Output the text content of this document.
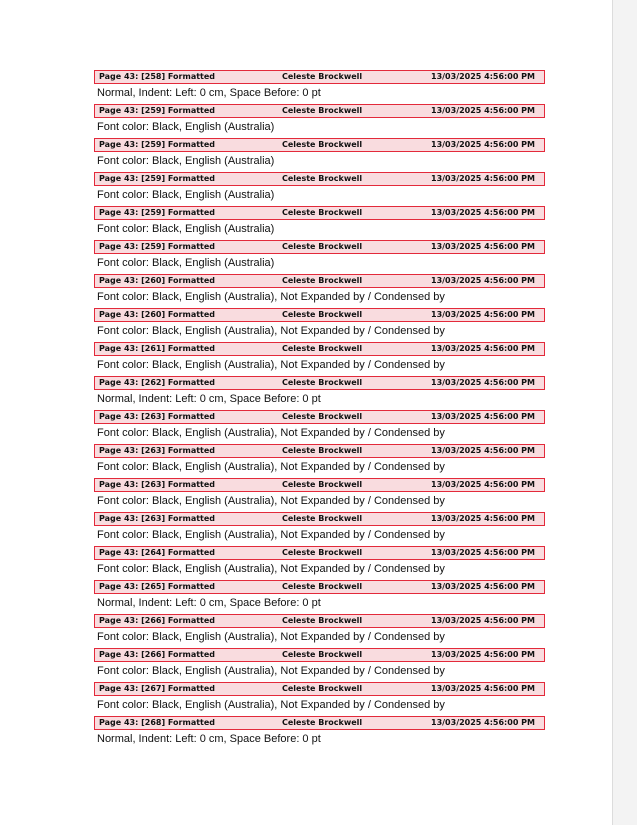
Page 43: [258] Formatted	Celeste Brockwell	13/03/2025 4:56:00 PM
Normal, Indent: Left: 0 cm, Space Before: 0 pt
Page 43: [259] Formatted	Celeste Brockwell	13/03/2025 4:56:00 PM
Font color: Black, English (Australia)
Page 43: [259] Formatted	Celeste Brockwell	13/03/2025 4:56:00 PM
Font color: Black, English (Australia)
Page 43: [259] Formatted	Celeste Brockwell	13/03/2025 4:56:00 PM
Font color: Black, English (Australia)
Page 43: [259] Formatted	Celeste Brockwell	13/03/2025 4:56:00 PM
Font color: Black, English (Australia)
Page 43: [259] Formatted	Celeste Brockwell	13/03/2025 4:56:00 PM
Font color: Black, English (Australia)
Page 43: [260] Formatted	Celeste Brockwell	13/03/2025 4:56:00 PM
Font color: Black, English (Australia), Not Expanded by / Condensed by
Page 43: [260] Formatted	Celeste Brockwell	13/03/2025 4:56:00 PM
Font color: Black, English (Australia), Not Expanded by / Condensed by
Page 43: [261] Formatted	Celeste Brockwell	13/03/2025 4:56:00 PM
Font color: Black, English (Australia), Not Expanded by / Condensed by
Page 43: [262] Formatted	Celeste Brockwell	13/03/2025 4:56:00 PM
Normal, Indent: Left: 0 cm, Space Before: 0 pt
Page 43: [263] Formatted	Celeste Brockwell	13/03/2025 4:56:00 PM
Font color: Black, English (Australia), Not Expanded by / Condensed by
Page 43: [263] Formatted	Celeste Brockwell	13/03/2025 4:56:00 PM
Font color: Black, English (Australia), Not Expanded by / Condensed by
Page 43: [263] Formatted	Celeste Brockwell	13/03/2025 4:56:00 PM
Font color: Black, English (Australia), Not Expanded by / Condensed by
Page 43: [263] Formatted	Celeste Brockwell	13/03/2025 4:56:00 PM
Font color: Black, English (Australia), Not Expanded by / Condensed by
Page 43: [264] Formatted	Celeste Brockwell	13/03/2025 4:56:00 PM
Font color: Black, English (Australia), Not Expanded by / Condensed by
Page 43: [265] Formatted	Celeste Brockwell	13/03/2025 4:56:00 PM
Normal, Indent: Left: 0 cm, Space Before: 0 pt
Page 43: [266] Formatted	Celeste Brockwell	13/03/2025 4:56:00 PM
Font color: Black, English (Australia), Not Expanded by / Condensed by
Page 43: [266] Formatted	Celeste Brockwell	13/03/2025 4:56:00 PM
Font color: Black, English (Australia), Not Expanded by / Condensed by
Page 43: [267] Formatted	Celeste Brockwell	13/03/2025 4:56:00 PM
Font color: Black, English (Australia), Not Expanded by / Condensed by
Page 43: [268] Formatted	Celeste Brockwell	13/03/2025 4:56:00 PM
Normal, Indent: Left: 0 cm, Space Before: 0 pt
